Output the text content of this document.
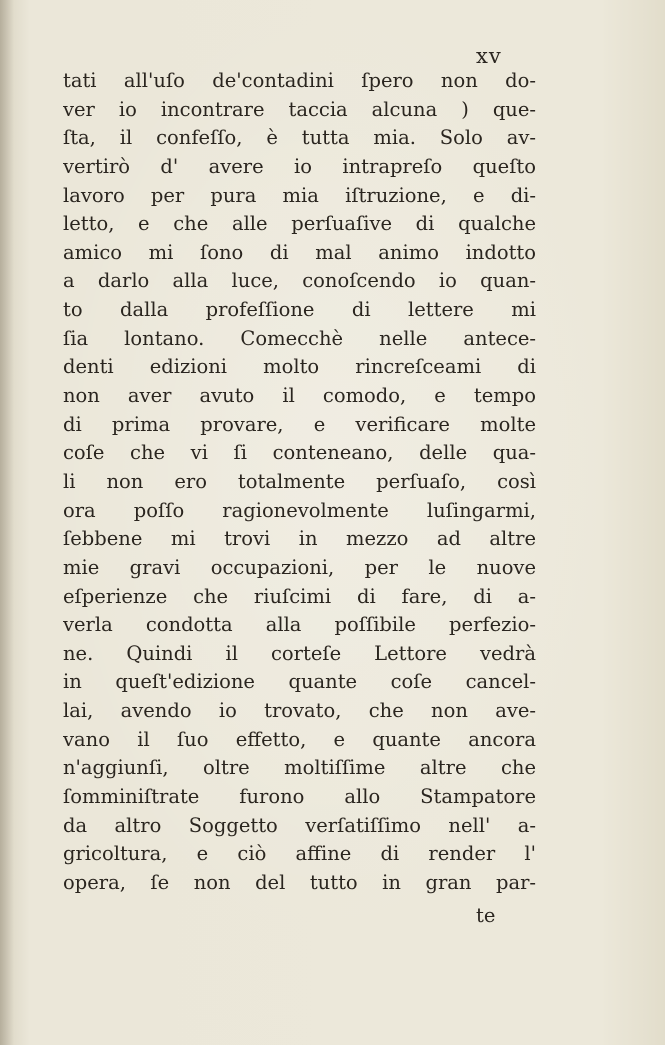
xv
tati all'uſo de'contadini ſpero non do-
ver io incontrare taccia alcuna ) que-
ſta, il confeſſo, è tutta mia. Solo av-
vertirò d' avere io intrapreſo queſto
lavoro per pura mia iſtruzione, e di-
letto, e che alle perſuaſive di qualche
amico mi ſono di mal animo indotto
a darlo alla luce, conoſcendo io quan-
to dalla profeſſione di lettere mi
ſia lontano. Comecchè nelle antece-
denti edizioni molto rincreſceami di
non aver avuto il comodo, e tempo
di prima provare, e verificare molte
coſe che vi ſi conteneano, delle qua-
li non ero totalmente perſuaſo, così
ora poſſo ragionevolmente luſingarmi,
ſebbene mi trovi in mezzo ad altre
mie gravi occupazioni, per le nuove
eſperienze che riuſcimi di fare, di a-
verla condotta alla poſſibile perfezio-
ne. Quindi il corteſe Lettore vedrà
in queſt'edizione quante coſe cancel-
lai, avendo io trovato, che non ave-
vano il ſuo effetto, e quante ancora
n'aggiunſi, oltre moltiſſime altre che
ſomminiſtrate furono allo Stampatore
da altro Soggetto verſatiſſimo nell' a-
gricoltura, e ciò affine di render l'
opera, ſe non del tutto in gran par-
te
